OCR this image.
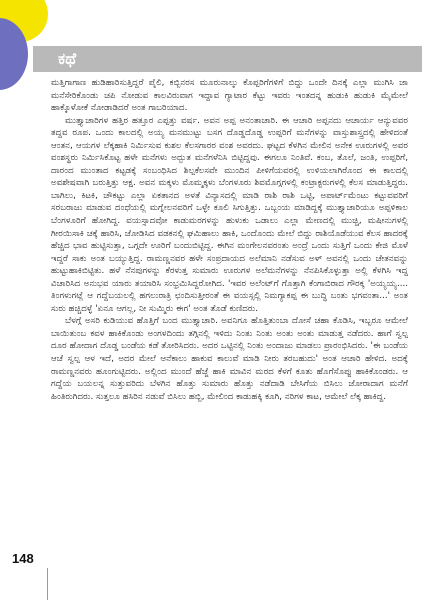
ಕಥೆ

ಮತ್ತಿಗಾಗಾಣ ಹುಡಿಹಾರಿಸುತ್ತಿದ್ದರೆ ಪೈಲಿ, ಕಬ್ಬಿನರಸ ಮೂರುನಾಲ್ಕು ಕೊಪ್ಪರಿಗೆಗಳಿಗೆ ಬಿದ್ದು ಒಂದೇ ದಿನಕ್ಕೆ ಎಲ್ಲಾ ಮುಗಿಸಿ ಜಾ ಮನೆಸೇರಿಕೊಂಡು ಚಪಿ ನೋಡುವ ಕಾಲವಿರುವಾಗ ಇದ್ದಾವ ಗ್ಯಾಟಾರ ಕೆಟ್ಟು ಇವರು ಇಂತದನ್ನ ಹುಡುಕಿ ಹುಡುಕಿ ಮೈಮೇಲೆ ಹಾಕ್ಕೊಳೋಕೆ ನೋಡಾಡಿದರೆ ಅಂತ ಗಾಬರಿಯಾದ.

ಮುತ್ತ್ಯಾಚಾರಿಗಳ ಹತ್ತಿರ ಹತ್ತೂರ ಎಪ್ಪತ್ತು ವರ್ಷ. ಅವನ ಅಪ್ಪ ಅನಂತಾಚಾರಿ. ಈ ಆಚಾರಿ ಅಪ್ಪನದು ಆಚಾರ್ಯ ಆನ್ಯುವವರ ತದ್ದವ ರೂಪ. ಒಂದು ಕಾಲದಲ್ಲಿ ಅಯ್ಯ ಮನಮುಟ್ಟು ಬಸಗ ದೊಡ್ಡದೊಡ್ಡ ಉಪ್ಪರಿಗೆ ಮನೆಗಳನ್ನು ವಾಸ್ತುಶಾಸ್ತ್ರದಲ್ಲಿ ಹೇಳಿದಂತೆ ಆಂತನ, ಆಯಗಳ ಲೆಕ್ಕಹಾಕಿ ನಿರ್ಮಿಸುವ ಕುಶಲ ಕೆಲಸಗಾರರ ವಂಶ ಅವರದು. ಘಟ್ಟದ ಕೆಳಗಿನ ಮೇಲಿನ ಅನೇಕ ಊರುಗಳಲ್ಲಿ ಅವರ ವಂಶಸ್ಥರು ನಿರ್ಮಿಸಿಕೊಟ್ಟ ಹಳೇ ಮನೆಗಳು ಅದ್ಭುತ ಮನೆಗಳೆನಿಸಿ ಬಿಟ್ಟಿದ್ದವು. ಈಗಲೂ ನಿಂತಿವೆ. ಕಂಬ, ತೊಲೆ, ಜಂತಿ, ಉಪ್ಪರಿಗೆ, ದಾರಂದ ಮುಂತಾದ ಕಟ್ಟಡಕ್ಕೆ ಸಂಬಂಧಿಸಿದ ಶಿಲ್ಪಕೆಲಸವೇ ಮುಂದಿನ ಪೀಳಿಗೆಯವರಲ್ಲಿ ಉಳಿಯಲಾಗಿರೊಂದ ಈ ಕಾಲದಲ್ಲಿ ಅವಶೇಷವಾಗಿ ಬರುತ್ತಿತ್ತು ಆಕ್ಷ. ಅವನ ಮಕ್ಕಳು ಮೊಮ್ಮಕ್ಕಳು ಬೆಂಗಳೂರು ಶಿವಮೊಗ್ಗಗಳಲ್ಲಿ ಕಂಟ್ರಾಕ್ಟರುಗಳಲ್ಲಿ ಕೆಲಸ ಮಾಡುತ್ತಿದ್ದರು. ಬಾಗಿಲು, ಕಿಟಕಿ, ಚೌಕಟ್ಟು ಎಲ್ಲಾ ಏಕತಾನದ ಅಳತೆ ವಿನ್ಯಾಸದಲ್ಲಿ ಮಾಡಿ ರಾಶಿ ರಾಶಿ ಒಟ್ಟಿ, ಅಪಾರ್ಟ್‌ಮೆಂಟು ಕಟ್ಟುವವರಿಗೆ ಸರಬರಾಜು ಮಾಡುವ ದಂಧೆಯಲ್ಲಿ ಮಗ್ನೇಲನವರಿಗೆ ಒಳ್ಳೇ ಕೂಲಿ ಸಿಗುತ್ತಿತ್ತು. ಒಬ್ಬಂಯ ಮಾಡಿದ್ದಕ್ಕೆ ಮುತ್ತ್ಯಾಚಾರಿಯೂ ಅಪ್ಪಳಿಕಾಲ ಬೆಂಗಳೂರಿಗೆ ಹೋಗಿದ್ದ. ವಯಸ್ಸಾದವೋ ಕಾಡುಮರಗಳನ್ನು ಹುಳುಕು ಒಡಾಲು ಎಲ್ಲಾ ಮೇಣದಲ್ಲಿ ಮುಚ್ಚಿ, ಮಷೀನುಗಳಲ್ಲಿ ಗೀರಯಿಸಾಕಿ ಚಕ್ಕೆ ಹಾರಿಸಿ, ಜೋಡಿಸಿದ ವಡಕನಲ್ಲಿ ಘಮಿಹಾಲು ಹಾಕಿ, ಒಂದೊಂದು ಮೇಲೆ ಬಿದ್ದು ರಾಶಿಯೊಡೆಯುವ ಕೆಲಸ ಹಾದರಕ್ಕೆ ಹೆಚ್ಚಿದ ಭಾವ ಹುಟ್ಟಿಸುತ್ತಾ, ಒಗ್ಗದೇ ಊರಿಗೆ ಬಂದುಬಿಟ್ಟಿದ್ದ. ಈಗಿನ ಮಂಗೇಲನವರಂತು ಅಂದ್ರೆ ಒಂದು ಸುತ್ತಿಗೆ ಒಂದು ಕೇಜಿ ಮೊಳೆ ಇದ್ದರೆ ಸಾಕು ಅಂತ ಬಯ್ಯುತ್ತಿದ್ದ. ರಾಮಣ್ಣನವರ ಹಳೇ ಸಂಪ್ರದಾಯದ ಅಲೆಮಾನಿ ನಡೆಸುವ ಅಳ್ ಅವನಲ್ಲಿ ಒಂದು ಚೇತನವನ್ನು ಹುಟ್ಟುಹಾಕಿಬಿಟ್ಟಿತು. ಹಳೆ ನೆನಪುಗಳನ್ನು ಕೆರಳುತ್ತ ಸುಮಾರು ಊರುಗಳ ಅಲೆಮನೆಗಳನ್ನು ನೆನಪಿಸಿಕೊಳ್ಳುತ್ತಾ ಅಲ್ಲಿ ಕೆಳಗಿಸಿ ಇದ್ದ ವಿಚಾರಿಸಿದ ಅನುಭವ ಯಾರು ತಯಾರಿಸಿ ಸಂಭ್ರಮಿಸಿದ್ದರೋಗಿದ. 'ಇವರ ಅಲೆಂಟ್‌ಗೆ ಗೊತ್ತಾಗಿ ಕೆಂಗಾಬಿರಾದ ಗೌರಕ್ಕ 'ಅಯ್ಯಯ್ಯ.... ತಿಂಗಳುಗಟ್ಲೆ ಆ ಗದ್ದೆಬಯಲಲ್ಲಿ ಹಗಲುರಾತ್ರಿ ಛಂದಿಸುತ್ತೀರಂತೆ ಈ ವಯಸ್ಸಲ್ಲಿ ನಿಮಗ್ಯಾಕಪ್ಪ ಈ ಬುದ್ಧಿ ಬಂತು ಭಗವಂತಾ...' ಅಂತ ಸುರು ಹಚ್ಚಿದಳ್ಳೆ 'ಏನೂ ಆಗಲ್ಲ, ನೀ ಸುಮ್ಮಿರು ಈಗ' ಅಂತ ತೊಡೆ ಕುಣಿದರು.

ಬೆಳಗ್ಗೆ ಅಸರಿ ಕುಡಿಯುವ ಹೊತ್ತಿಗೆ ಬಂದ ಮುತ್ತ್ಯಾಚಾರಿ. ಅವನಿಗೂ ಹೊತ್ತಿತುಂಬಾ ದೋಸೆ ಚಹಾ ಕೊಡಿಸಿ, ಇಬ್ಬರೂ ಆಮೇಲೆ ಬಾಯಿತುಂಬ ಕವಳ ಹಾಕಿಕೊಂಡು ಅಂಗಳದಿಂದು ತಗ್ಗಿನಲ್ಲಿ ಇಳಿದು ನಿಂತು ನಿಂತು ಅಂತು ಅಂತು ಮಾಡುತ್ತ ನಡೆದರು. ಹಾಗೆ ಸ್ವಲ್ಪ ದೂರ ಹೋದಾಗ ದೊಡ್ಡ ಬಂಡೆಯ ಕಡೆ ತೋರಿಸಿದರು. ಅದರ ಒಟ್ಟಿನಲ್ಲಿ ನಿಂತು ಅಂದಾಜು ಮಾಡಲು ಪ್ರಾರಂಭಿಸಿದರು. 'ಈ ಬಂಡೆಯ ಆಚೆ ಸ್ವಲ್ಪ ಆಳ ಇದೆ, ಅದರ ಮೇಲೆ ಆನೆಕಾಲು ಹಾಕುವ ಕಾಲುವೆ ಮಾಡಿ ನೀರು ತರಬಹುದು' ಅಂತ ಆಚಾರಿ ಹೇಳಿದ. ಅದಕ್ಕೆ ರಾಮಣ್ಣನವರು ಹೂಂಗುಟ್ಟಿದರು. ಅಲ್ಲಿಂದ ಮುಂದೆ ಹೆಜ್ಜೆ ಹಾಕಿ ಮಾವಿನ ಮರದ ಕೆಳಗೆ ಕೂತು ಹೊಗೆಸೊಪ್ಪು ಹಾಕಿಕೊಂಡರು. ಆ ಗದ್ದೆಯ ಬಯಲನ್ನ ಸುತ್ತುವರಿದು ಬೆಳಗಿನ ಹೊತ್ತು ಸುಮಾರು ಹೊತ್ತು ನಡೆದಾಡಿ ಬೇಸಿಗೆಯ ಬಿಸಿಲು ಜೋರಾದಾಗ ಮನೆಗೆ ಹಿಂತಿರುಗಿದರು. ಸುತ್ತಲೂ ಹಸಿರಿನ ನಡುವೆ ಬಿಸಿಲು ಹಬ್ಬಿ, ಮೇಲಿಂದ ಕಾಡುಹಕ್ಕಿ ಕೂಗಿ, ನರಿಗಳ ಕಾಟ, ಆಮೇಲೆ ಲೆಕ್ಕ ಹಾಕಿದ್ದ.

148
